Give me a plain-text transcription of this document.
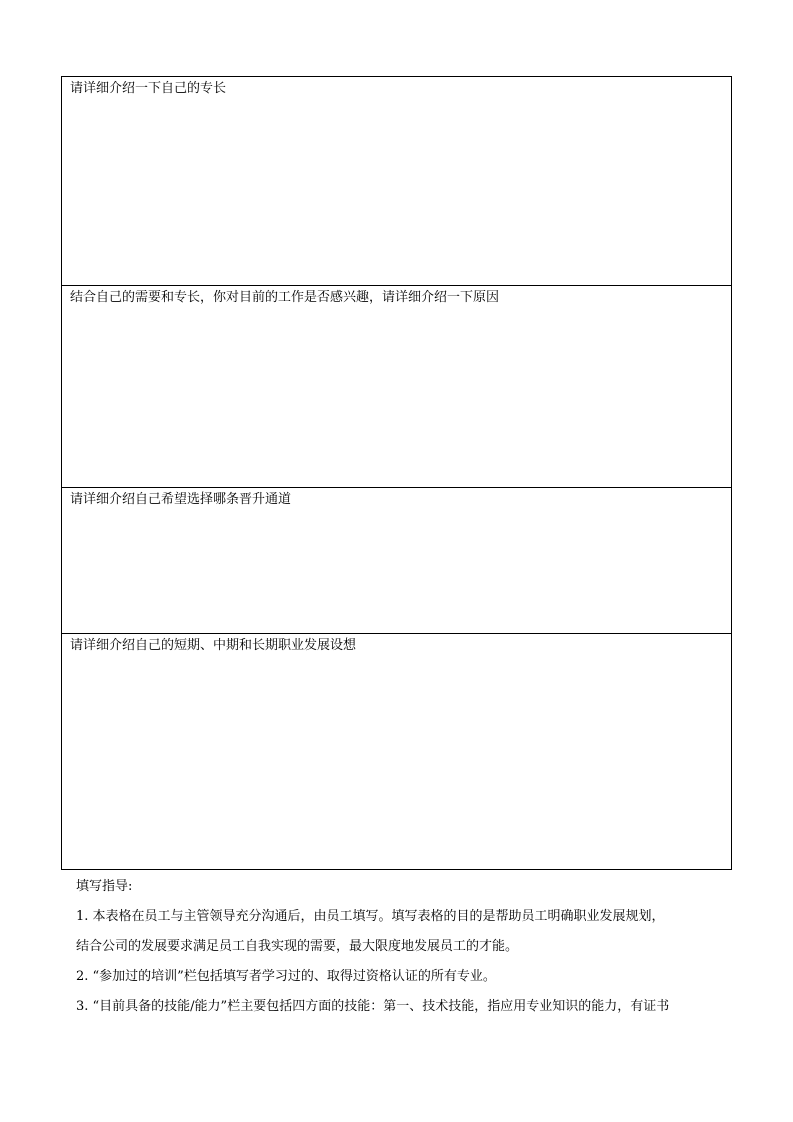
请详细介绍一下自己的专长
结合自己的需要和专长，你对目前的工作是否感兴趣，请详细介绍一下原因
请详细介绍自己希望选择哪条晋升通道
请详细介绍自己的短期、中期和长期职业发展设想
填写指导:
1. 本表格在员工与主管领导充分沟通后，由员工填写。填写表格的目的是帮助员工明确职业发展规划，
结合公司的发展要求满足员工自我实现的需要，最大限度地发展员工的才能。
2. “参加过的培训”栏包括填写者学习过的、取得过资格认证的所有专业。
3. “目前具备的技能/能力”栏主要包括四方面的技能：第一、技术技能，指应用专业知识的能力，有证书
